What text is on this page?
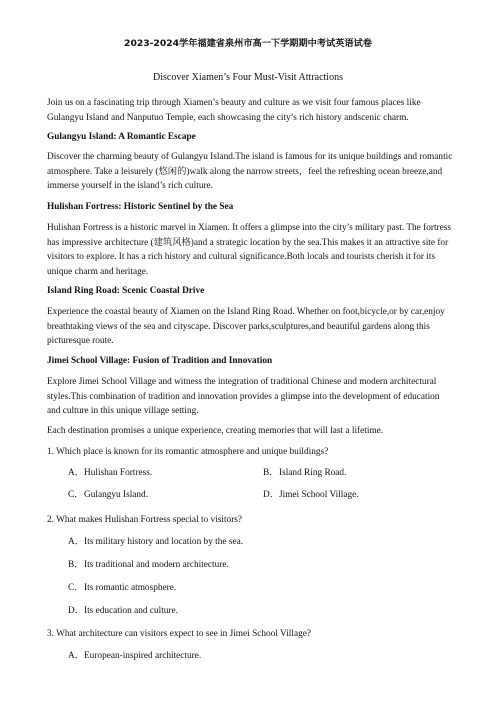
2023-2024学年福建省泉州市高一下学期期中考试英语试卷
Discover Xiamen’s Four Must-Visit Attractions
Join us on a fascinating trip through Xiamen’s beauty and culture as we visit four famous places like Gulangyu Island and Nanputuo Temple, each showcasing the city’s rich history andscenic charm.
Gulangyu Island: A Romantic Escape
Discover the charming beauty of Gulangyu Island.The island is famous for its unique buildings and romantic atmosphere. Take a leisurely (悠闲的)walk along the narrow streets，feel the refreshing ocean breeze,and immerse yourself in the island’s rich culture.
Hulishan Fortress: Historic Sentinel by the Sea
Hulishan Fortress is a historic marvel in Xiamen. It offers a glimpse into the city’s military past. The fortress has impressive architecture (建筑风格)and a strategic location by the sea.This makes it an attractive site for visitors to explore. It has a rich history and cultural significance.Both locals and tourists cherish it for its unique charm and heritage.
Island Ring Road: Scenic Coastal Drive
Experience the coastal beauty of Xiamen on the Island Ring Road. Whether on foot,bicycle,or by car,enjoy breathtaking views of the sea and cityscape. Discover parks,sculptures,and beautiful gardens along this picturesque route.
Jimei School Village: Fusion of Tradition and Innovation
Explore Jimei School Village and witness the integration of traditional Chinese and modern architectural styles.This combination of tradition and innovation provides a glimpse into the development of education and culture in this unique village setting.
Each destination promises a unique experience, creating memories that will last a lifetime.
1. Which place is known for its romantic atmosphere and unique buildings?
A．Hulishan Fortress.	B．Island Ring Road.
C．Gulangyu Island.	D．Jimei School Village.
2. What makes Hulishan Fortress special to visitors?
A．Its military history and location by the sea.
B．Its traditional and modern architecture.
C．Its romantic atmosphere.
D．Its education and culture.
3. What architecture can visitors expect to see in Jimei School Village?
A．European-inspired architecture.
